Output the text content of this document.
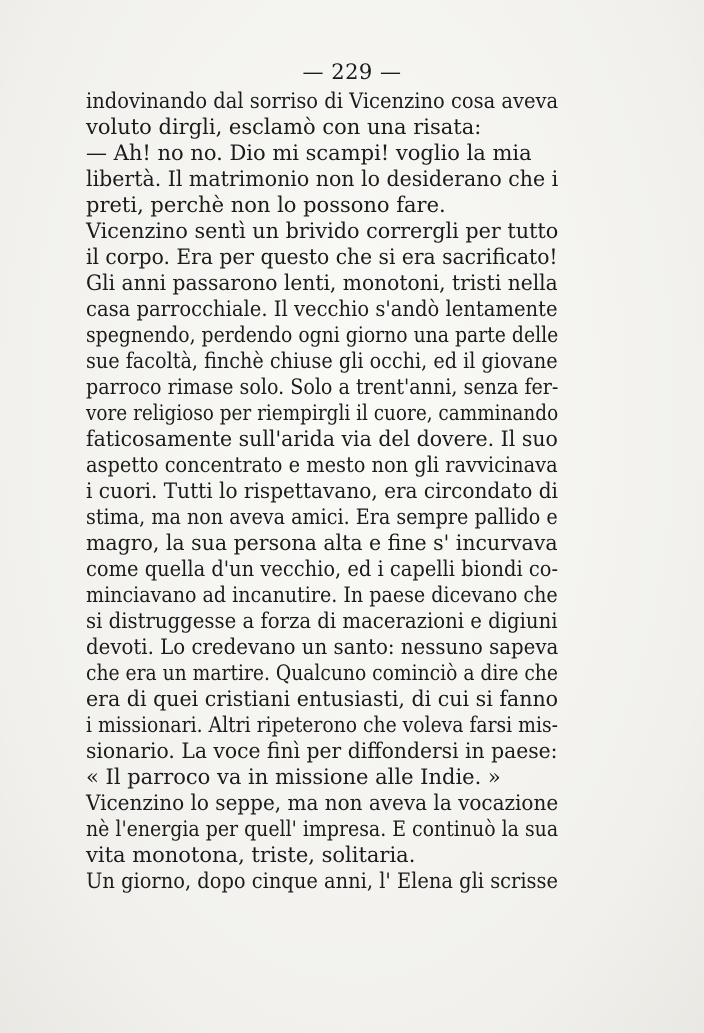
— 229 —
indovinando dal sorriso di Vicenzino cosa aveva
voluto dirgli, esclamò con una risata:
— Ah! no no. Dio mi scampi! voglio la mia
libertà. Il matrimonio non lo desiderano che i
preti, perchè non lo possono fare.
Vicenzino sentì un brivido corrergli per tutto
il corpo. Era per questo che si era sacrificato!
Gli anni passarono lenti, monotoni, tristi nella
casa parrocchiale. Il vecchio s'andò lentamente
spegnendo, perdendo ogni giorno una parte delle
sue facoltà, finchè chiuse gli occhi, ed il giovane
parroco rimase solo. Solo a trent'anni, senza fer-
vore religioso per riempirgli il cuore, camminando
faticosamente sull'arida via del dovere. Il suo
aspetto concentrato e mesto non gli ravvicinava
i cuori. Tutti lo rispettavano, era circondato di
stima, ma non aveva amici. Era sempre pallido e
magro, la sua persona alta e fine s' incurvava
come quella d'un vecchio, ed i capelli biondi co-
minciavano ad incanutire. In paese dicevano che
si distruggesse a forza di macerazioni e digiuni
devoti. Lo credevano un santo: nessuno sapeva
che era un martire. Qualcuno cominciò a dire che
era di quei cristiani entusiasti, di cui si fanno
i missionari. Altri ripeterono che voleva farsi mis-
sionario. La voce finì per diffondersi in paese:
« Il parroco va in missione alle Indie. »
Vicenzino lo seppe, ma non aveva la vocazione
nè l'energia per quell' impresa. E continuò la sua
vita monotona, triste, solitaria.
Un giorno, dopo cinque anni, l' Elena gli scrisse
